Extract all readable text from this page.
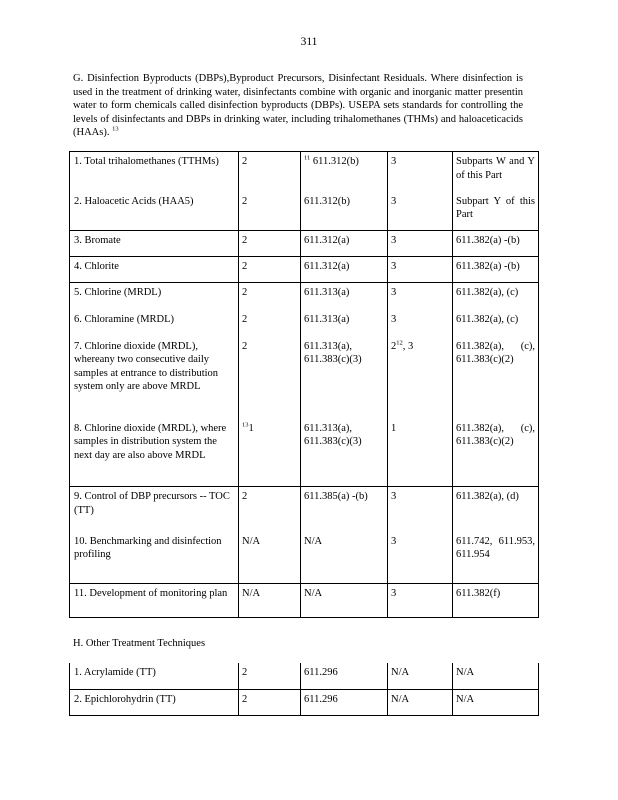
311
G. Disinfection Byproducts (DBPs),Byproduct Precursors, Disinfectant Residuals. Where disinfection is used in the treatment of drinking water, disinfectants combine with organic and inorganic matter presentin water to form chemicals called disinfection byproducts (DBPs). USEPA sets standards for controlling the levels of disinfectants and DBPs in drinking water, including trihalomethanes (THMs) and haloaceticacids (HAAs). $^{13}$
1. Total trihalomethanes (TTHMs)	2	$^{11}$ 611.312(b)	3	Subparts W and Y of this Part
2. Haloacetic Acids (HAA5)	2	611.312(b)	3	Subpart Y of this Part
3. Bromate	2	611.312(a)	3	611.382(a) -(b)
4. Chlorite	2	611.312(a)	3	611.382(a) -(b)
5. Chlorine (MRDL)	2	611.313(a)	3	611.382(a), (c)
6. Chloramine (MRDL)	2	611.313(a)	3	611.382(a), (c)
7. Chlorine dioxide (MRDL), whereany two consecutive daily samples at entrance to distribution system only are above MRDL	2	611.313(a), 611.383(c)(3)	$2^{12}$, 3	611.382(a), (c), 611.383(c)(2)
8. Chlorine dioxide (MRDL), where samples in distribution system the next day are also above MRDL	$^{13}$1	611.313(a), 611.383(c)(3)	1	611.382(a), (c), 611.383(c)(2)
9. Control of DBP precursors -- TOC (TT)	2	611.385(a) -(b)	3	611.382(a), (d)
10. Benchmarking and disinfection profiling	N/A	N/A	3	611.742, 611.953, 611.954
11. Development of monitoring plan	N/A	N/A	3	611.382(f)
H. Other Treatment Techniques
1. Acrylamide (TT)	2	611.296	N/A	N/A
2. Epichlorohydrin (TT)	2	611.296	N/A	N/A
